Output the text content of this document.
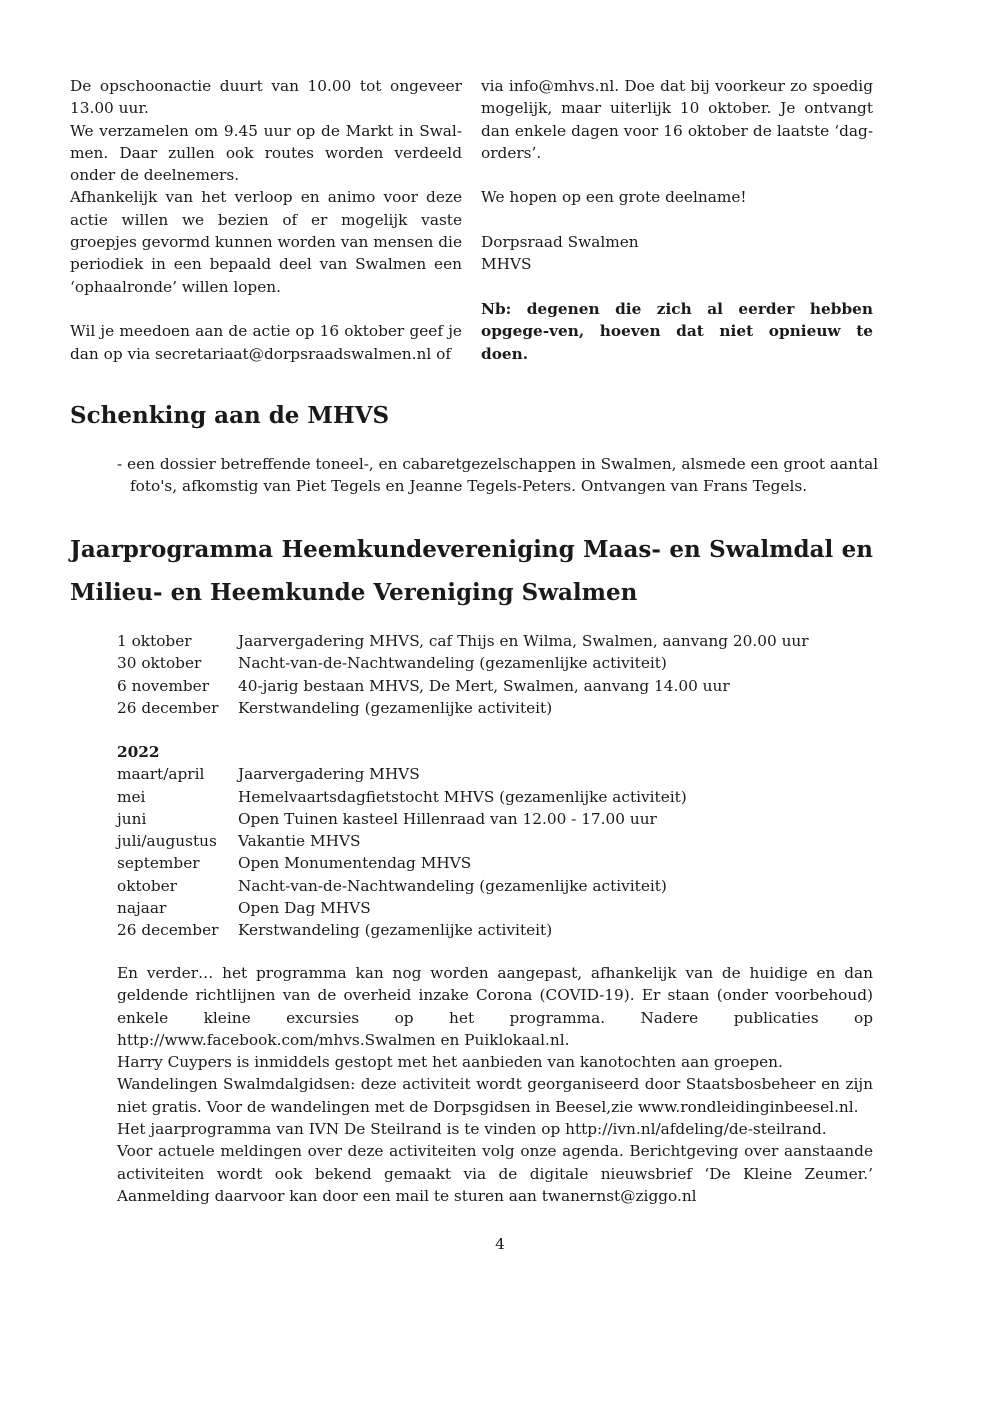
De opschoonactie duurt van 10.00 tot ongeveer 13.00 uur.

We verzamelen om 9.45 uur op de Markt in Swal-men. Daar zullen ook routes worden verdeeld onder de deelnemers.

Afhankelijk van het verloop en animo voor deze actie willen we bezien of er mogelijk vaste groepjes gevormd kunnen worden van mensen die periodiek in een bepaald deel van Swalmen een ‘ophaalronde’ willen lopen.

Wil je meedoen aan de actie op 16 oktober geef je dan op via secretariaat@dorpsraadswalmen.nl of

via info@mhvs.nl. Doe dat bij voorkeur zo spoedig mogelijk, maar uiterlijk 10 oktober. Je ontvangt dan enkele dagen voor 16 oktober de laatste ‘dag-orders’.

We hopen op een grote deelname!

Dorpsraad Swalmen

MHVS

Nb: degenen die zich al eerder hebben opgege-ven, hoeven dat niet opnieuw te doen.

Schenking aan de MHVS
- een dossier betreffende toneel-, en cabaretgezelschappen in Swalmen, alsmede een groot aantal foto's, afkomstig van Piet Tegels en Jeanne Tegels-Peters. Ontvangen van Frans Tegels.
Jaarprogramma Heemkundevereniging Maas- en Swalmdal en
Milieu- en Heemkunde Vereniging Swalmen
1 oktober	Jaarvergadering MHVS, caf Thijs en Wilma, Swalmen, aanvang 20.00 uur
30 oktober	Nacht-van-de-Nachtwandeling (gezamenlijke activiteit)
6 november	40-jarig bestaan MHVS, De Mert, Swalmen, aanvang 14.00 uur
26 december	Kerstwandeling (gezamenlijke activiteit)
2022
maart/april	Jaarvergadering MHVS
mei	Hemelvaartsdagfietstocht MHVS (gezamenlijke activiteit)
juni	Open Tuinen kasteel Hillenraad van 12.00 - 17.00 uur
juli/augustus	Vakantie MHVS
september	Open Monumentendag MHVS
oktober	Nacht-van-de-Nachtwandeling (gezamenlijke activiteit)
najaar	Open Dag MHVS
26 december	Kerstwandeling (gezamenlijke activiteit)

En verder… het programma kan nog worden aangepast, afhankelijk van de huidige en dan geldende richtlijnen van de overheid inzake Corona (COVID-19). Er staan (onder voorbehoud) enkele kleine excursies op het programma. Nadere publicaties op http://www.facebook.com/mhvs.Swalmen en Puiklokaal.nl.

Harry Cuypers is inmiddels gestopt met het aanbieden van kanotochten aan groepen.

Wandelingen Swalmdalgidsen: deze activiteit wordt georganiseerd door Staatsbosbeheer en zijn niet gratis. Voor de wandelingen met de Dorpsgidsen in Beesel,zie www.rondleidinginbeesel.nl.

Het jaarprogramma van IVN De Steilrand is te vinden op http://ivn.nl/afdeling/de-steilrand.

Voor actuele meldingen over deze activiteiten volg onze agenda. Berichtgeving over aanstaande activiteiten wordt ook bekend gemaakt via de digitale nieuwsbrief ‘De Kleine Zeumer.’ Aanmelding daarvoor kan door een mail te sturen aan twanernst@ziggo.nl

4
